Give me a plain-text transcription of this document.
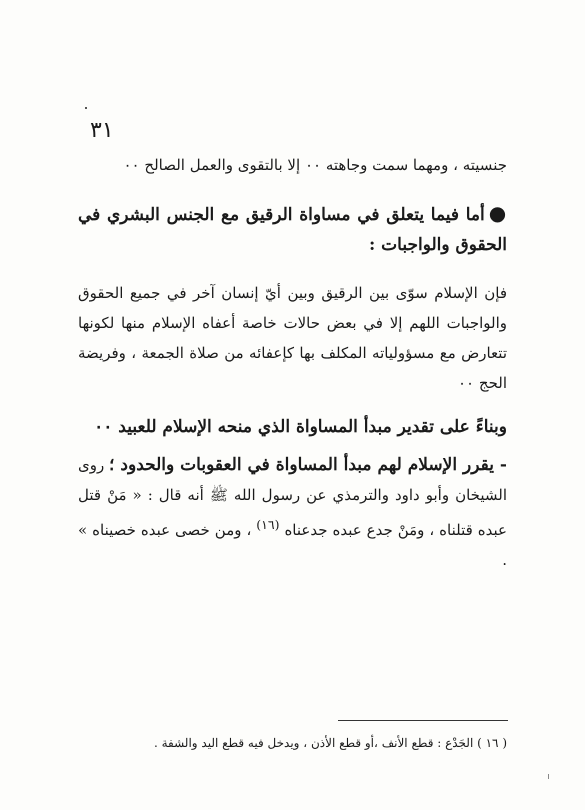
٣١

جنسيته ، ومهما سمت وجاهته ٠٠ إلا بالتقوى والعمل الصالح ٠٠

●أما فيما يتعلق في مساواة الرقيق مع الجنس البشري في الحقوق والواجبات :

فإن الإسلام سوّى بين الرقيق وبين أيّ إنسان آخر في جميع الحقوق والواجبات اللهم إلا في بعض حالات خاصة أعفاه الإسلام منها لكونها تتعارض مع مسؤولياته المكلف بها كإعفائه من صلاة الجمعة ، وفريضة الحج ٠٠

وبناءً على تقدير مبدأ المساواة الذي منحه الإسلام للعبيد ٠٠

- يقرر الإسلام لهم مبدأ المساواة في العقوبات والحدود ؛ روى الشيخان وأبو داود والترمذي عن رسول الله ﷺ أنه قال : « مَنْ قتل عبده قتلناه ، ومَنْ جدع عبده جدعناه $^{(١٦)}$ ، ومن خصى عبده خصيناه » .

( ١٦ ) الجَدْع : قطع الأنف ،أو قطع الأذن ، ويدخل فيه قطع اليد والشفة .
